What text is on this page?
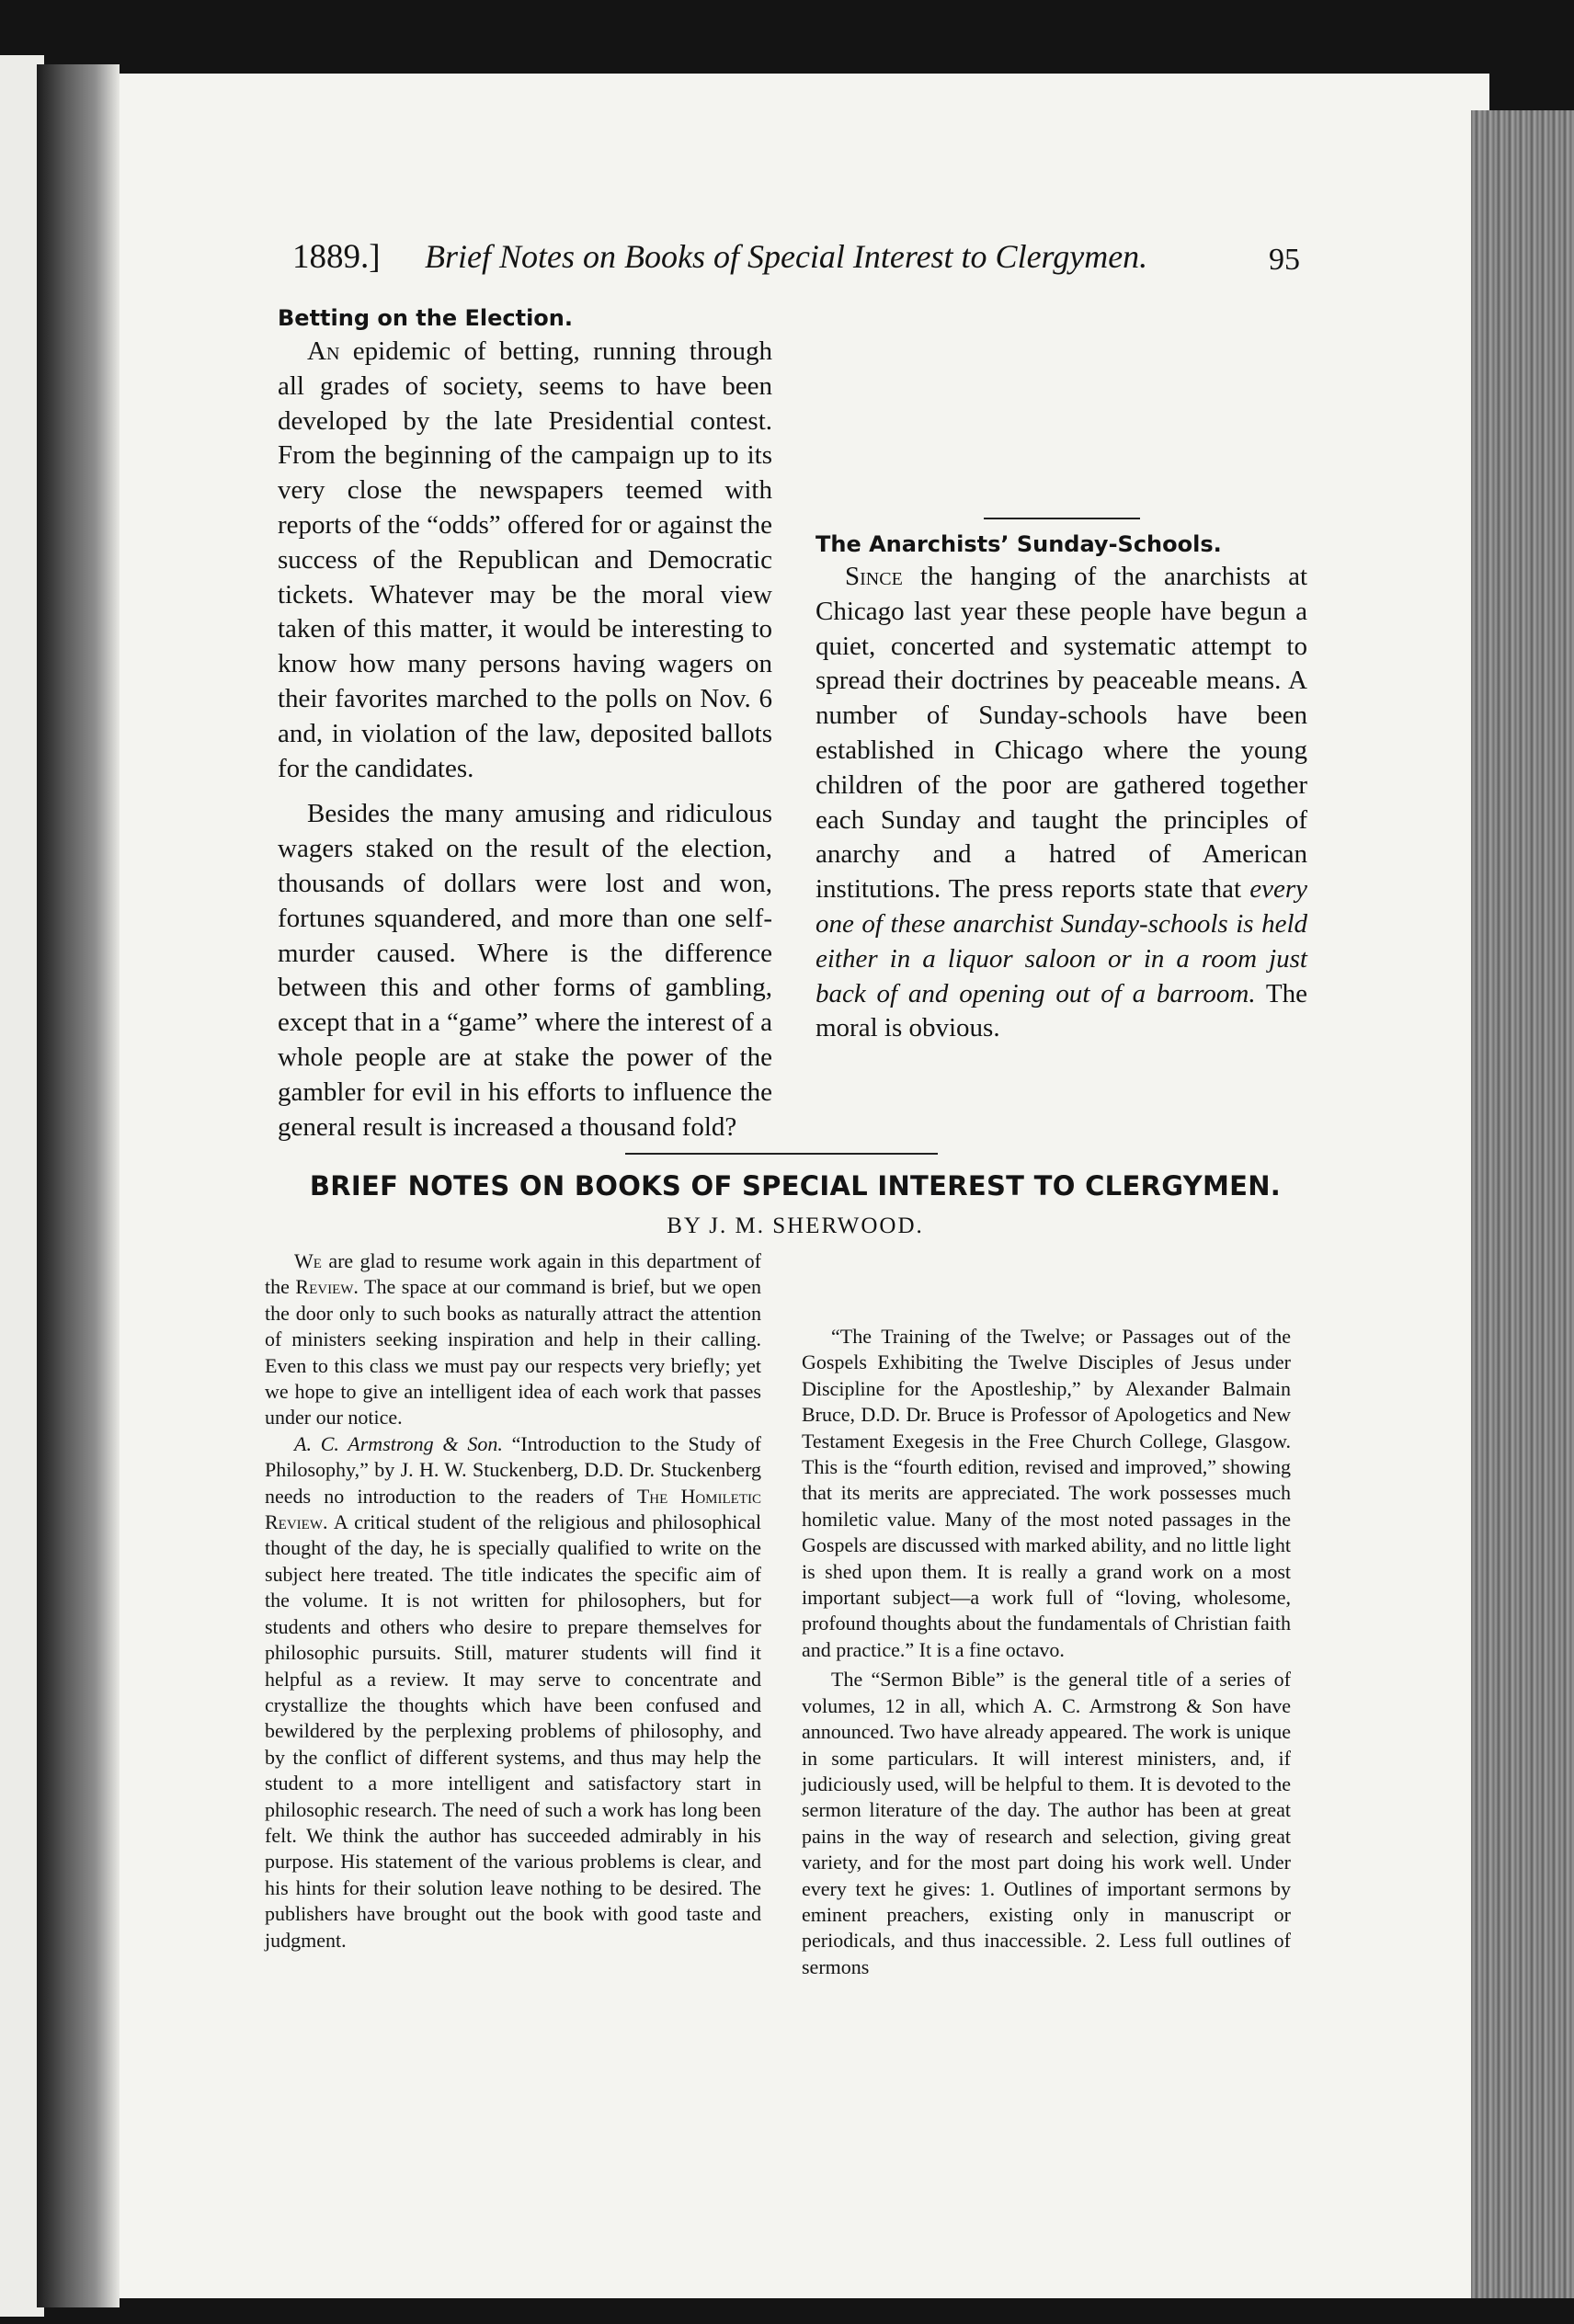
1889.] Brief Notes on Books of Special Interest to Clergymen.	95

Betting on the Election.

An epidemic of betting, running through all grades of society, seems to have been developed by the late Presidential contest. From the beginning of the campaign up to its very close the newspapers teemed with reports of the “odds” offered for or against the success of the Republican and Democratic tickets. Whatever may be the moral view taken of this matter, it would be interesting to know how many persons having wagers on their favorites marched to the polls on Nov. 6 and, in violation of the law, deposited ballots for the candidates.

Besides the many amusing and ridiculous wagers staked on the result of the election, thousands of dollars were lost and won, fortunes squandered, and more than one self-murder caused. Where is the difference between this and other forms of gambling, except that in a “game” where the interest of a whole people are at stake the power of the gambler for evil in his efforts to influence the general result is increased a thousand fold?

The Anarchists’ Sunday-Schools.

Since the hanging of the anarchists at Chicago last year these people have begun a quiet, concerted and systematic attempt to spread their doctrines by peaceable means. A number of Sunday-schools have been established in Chicago where the young children of the poor are gathered together each Sunday and taught the principles of anarchy and a hatred of American institutions. The press reports state that every one of these anarchist Sunday-schools is held either in a liquor saloon or in a room just back of and opening out of a barroom. The moral is obvious.

BRIEF NOTES ON BOOKS OF SPECIAL INTEREST TO CLERGYMEN.
BY J. M. SHERWOOD.

We are glad to resume work again in this department of the Review. The space at our command is brief, but we open the door only to such books as naturally attract the attention of ministers seeking inspiration and help in their calling. Even to this class we must pay our respects very briefly; yet we hope to give an intelligent idea of each work that passes under our notice.

A. C. Armstrong & Son. “Introduction to the Study of Philosophy,” by J. H. W. Stuckenberg, D.D. Dr. Stuckenberg needs no introduction to the readers of The Homiletic Review. A critical student of the religious and philosophical thought of the day, he is specially qualified to write on the subject here treated. The title indicates the specific aim of the volume. It is not written for philosophers, but for students and others who desire to prepare themselves for philosophic pursuits. Still, maturer students will find it helpful as a review. It may serve to concentrate and crystallize the thoughts which have been confused and bewildered by the perplexing problems of philosophy, and by the conflict of different systems, and thus may help the student to a more intelligent and satisfactory start in philosophic research. The need of such a work has long been felt. We think the author has succeeded admirably in his purpose. His statement of the various problems is clear, and his hints for their solution leave nothing to be desired. The publishers have brought out the book with good taste and judgment.

“The Training of the Twelve; or Passages out of the Gospels Exhibiting the Twelve Disciples of Jesus under Discipline for the Apostleship,” by Alexander Balmain Bruce, D.D. Dr. Bruce is Professor of Apologetics and New Testament Exegesis in the Free Church College, Glasgow. This is the “fourth edition, revised and improved,” showing that its merits are appreciated. The work possesses much homiletic value. Many of the most noted passages in the Gospels are discussed with marked ability, and no little light is shed upon them. It is really a grand work on a most important subject—a work full of “loving, wholesome, profound thoughts about the fundamentals of Christian faith and practice.” It is a fine octavo.

The “Sermon Bible” is the general title of a series of volumes, 12 in all, which A. C. Armstrong & Son have announced. Two have already appeared. The work is unique in some particulars. It will interest ministers, and, if judiciously used, will be helpful to them. It is devoted to the sermon literature of the day. The author has been at great pains in the way of research and selection, giving great variety, and for the most part doing his work well. Under every text he gives: 1. Outlines of important sermons by eminent preachers, existing only in manuscript or periodicals, and thus inaccessible. 2. Less full outlines of sermons
